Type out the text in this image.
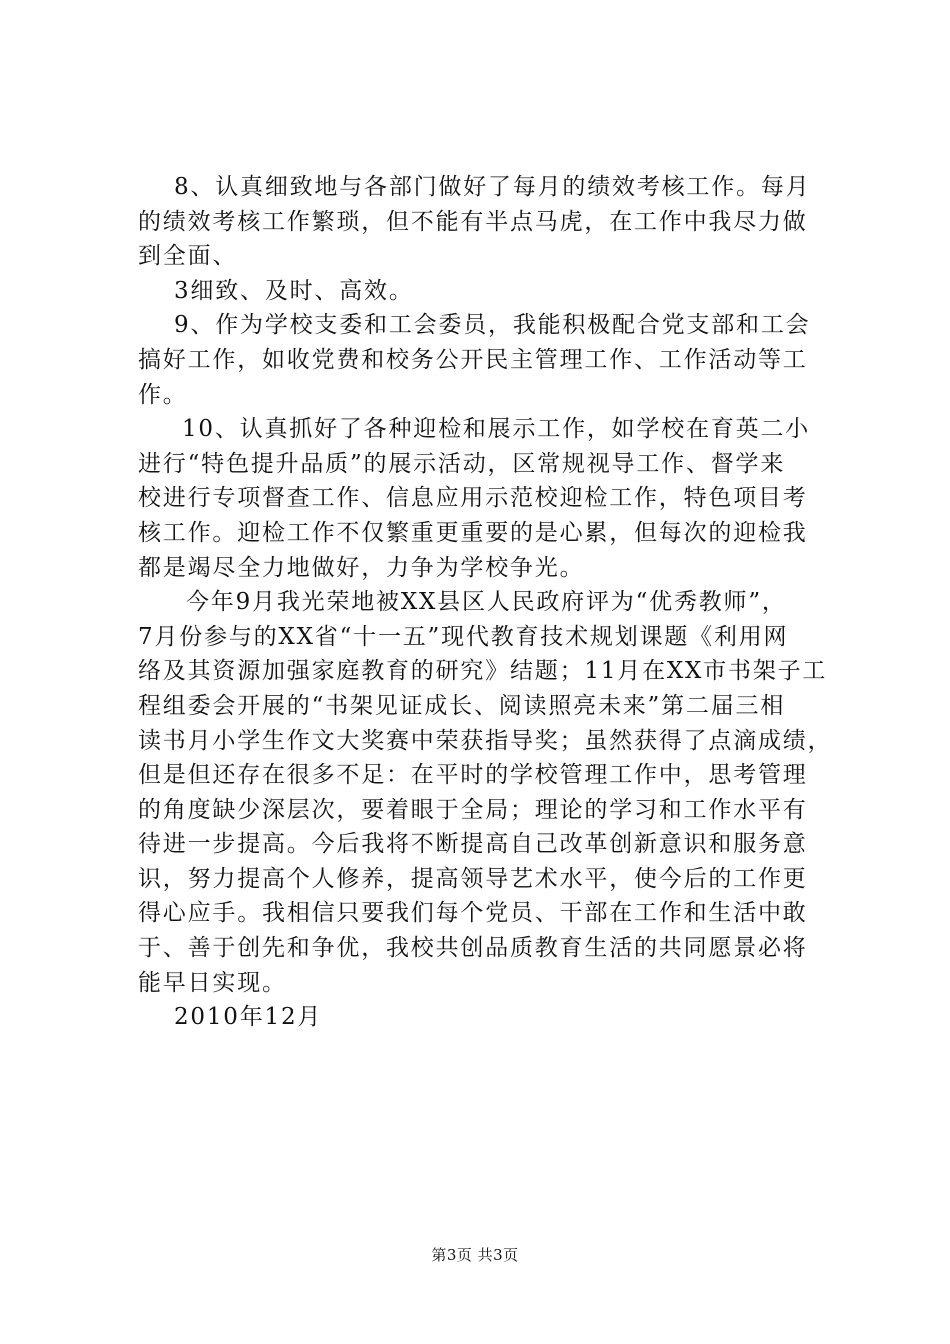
8、认真细致地与各部门做好了每月的绩效考核工作。每月
的绩效考核工作繁琐，但不能有半点马虎，在工作中我尽力做
到全面、
3细致、及时、高效。
9、作为学校支委和工会委员，我能积极配合党支部和工会
搞好工作，如收党费和校务公开民主管理工作、工作活动等工
作。
10、认真抓好了各种迎检和展示工作，如学校在育英二小
进行“特色提升品质”的展示活动，区常规视导工作、督学来
校进行专项督查工作、信息应用示范校迎检工作，特色项目考
核工作。迎检工作不仅繁重更重要的是心累，但每次的迎检我
都是竭尽全力地做好，力争为学校争光。
今年9月我光荣地被XX县区人民政府评为“优秀教师”，
7月份参与的XX省“十一五”现代教育技术规划课题《利用网
络及其资源加强家庭教育的研究》结题；11月在XX市书架子工
程组委会开展的“书架见证成长、阅读照亮未来”第二届三相
读书月小学生作文大奖赛中荣获指导奖；虽然获得了点滴成绩，
但是但还存在很多不足：在平时的学校管理工作中，思考管理
的角度缺少深层次，要着眼于全局；理论的学习和工作水平有
待进一步提高。今后我将不断提高自己改革创新意识和服务意
识，努力提高个人修养，提高领导艺术水平，使今后的工作更
得心应手。我相信只要我们每个党员、干部在工作和生活中敢
于、善于创先和争优，我校共创品质教育生活的共同愿景必将
能早日实现。
2010年12月
第3页 共3页
